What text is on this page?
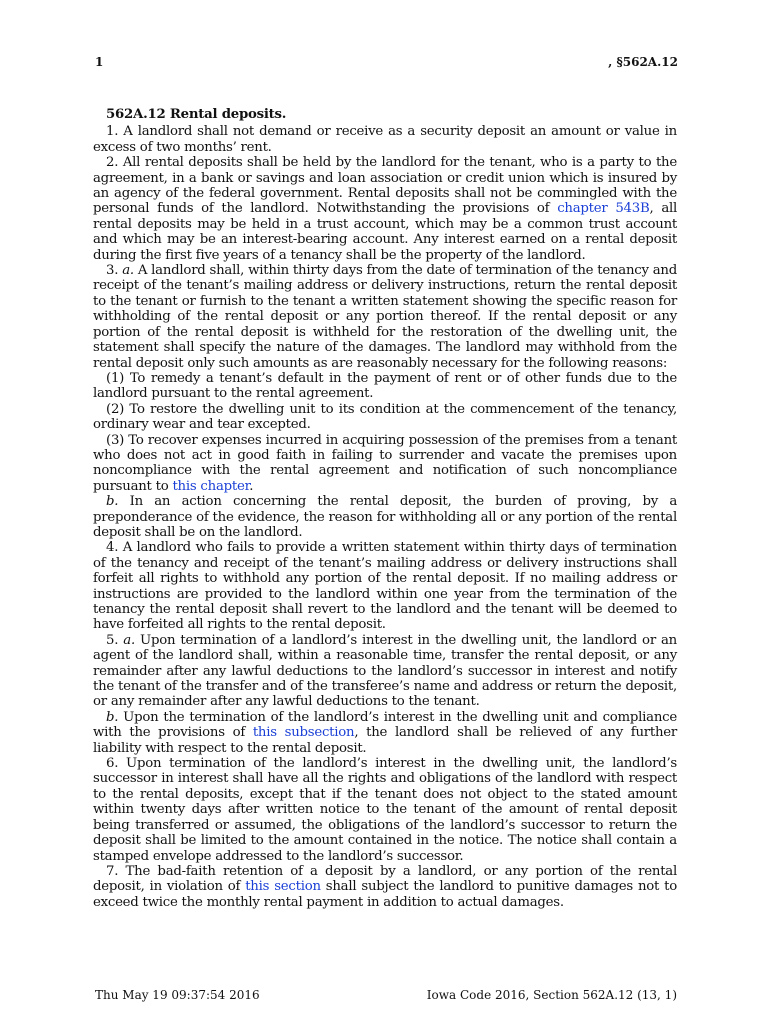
1	, §562A.12

562A.12 Rental deposits.

1. A landlord shall not demand or receive as a security deposit an amount or value in excess of two months’ rent.

2. All rental deposits shall be held by the landlord for the tenant, who is a party to the agreement, in a bank or savings and loan association or credit union which is insured by an agency of the federal government. Rental deposits shall not be commingled with the personal funds of the landlord. Notwithstanding the provisions of chapter 543B, all rental deposits may be held in a trust account, which may be a common trust account and which may be an interest-bearing account. Any interest earned on a rental deposit during the first five years of a tenancy shall be the property of the landlord.

3. a. A landlord shall, within thirty days from the date of termination of the tenancy and receipt of the tenant’s mailing address or delivery instructions, return the rental deposit to the tenant or furnish to the tenant a written statement showing the specific reason for withholding of the rental deposit or any portion thereof. If the rental deposit or any portion of the rental deposit is withheld for the restoration of the dwelling unit, the statement shall specify the nature of the damages. The landlord may withhold from the rental deposit only such amounts as are reasonably necessary for the following reasons:

(1) To remedy a tenant’s default in the payment of rent or of other funds due to the landlord pursuant to the rental agreement.

(2) To restore the dwelling unit to its condition at the commencement of the tenancy, ordinary wear and tear excepted.

(3) To recover expenses incurred in acquiring possession of the premises from a tenant who does not act in good faith in failing to surrender and vacate the premises upon noncompliance with the rental agreement and notification of such noncompliance pursuant to this chapter.

b. In an action concerning the rental deposit, the burden of proving, by a preponderance of the evidence, the reason for withholding all or any portion of the rental deposit shall be on the landlord.

4. A landlord who fails to provide a written statement within thirty days of termination of the tenancy and receipt of the tenant’s mailing address or delivery instructions shall forfeit all rights to withhold any portion of the rental deposit. If no mailing address or instructions are provided to the landlord within one year from the termination of the tenancy the rental deposit shall revert to the landlord and the tenant will be deemed to have forfeited all rights to the rental deposit.

5. a. Upon termination of a landlord’s interest in the dwelling unit, the landlord or an agent of the landlord shall, within a reasonable time, transfer the rental deposit, or any remainder after any lawful deductions to the landlord’s successor in interest and notify the tenant of the transfer and of the transferee’s name and address or return the deposit, or any remainder after any lawful deductions to the tenant.

b. Upon the termination of the landlord’s interest in the dwelling unit and compliance with the provisions of this subsection, the landlord shall be relieved of any further liability with respect to the rental deposit.

6. Upon termination of the landlord’s interest in the dwelling unit, the landlord’s successor in interest shall have all the rights and obligations of the landlord with respect to the rental deposits, except that if the tenant does not object to the stated amount within twenty days after written notice to the tenant of the amount of rental deposit being transferred or assumed, the obligations of the landlord’s successor to return the deposit shall be limited to the amount contained in the notice. The notice shall contain a stamped envelope addressed to the landlord’s successor.

7. The bad-faith retention of a deposit by a landlord, or any portion of the rental deposit, in violation of this section shall subject the landlord to punitive damages not to exceed twice the monthly rental payment in addition to actual damages.

Thu May 19 09:37:54 2016	Iowa Code 2016, Section 562A.12 (13, 1)
